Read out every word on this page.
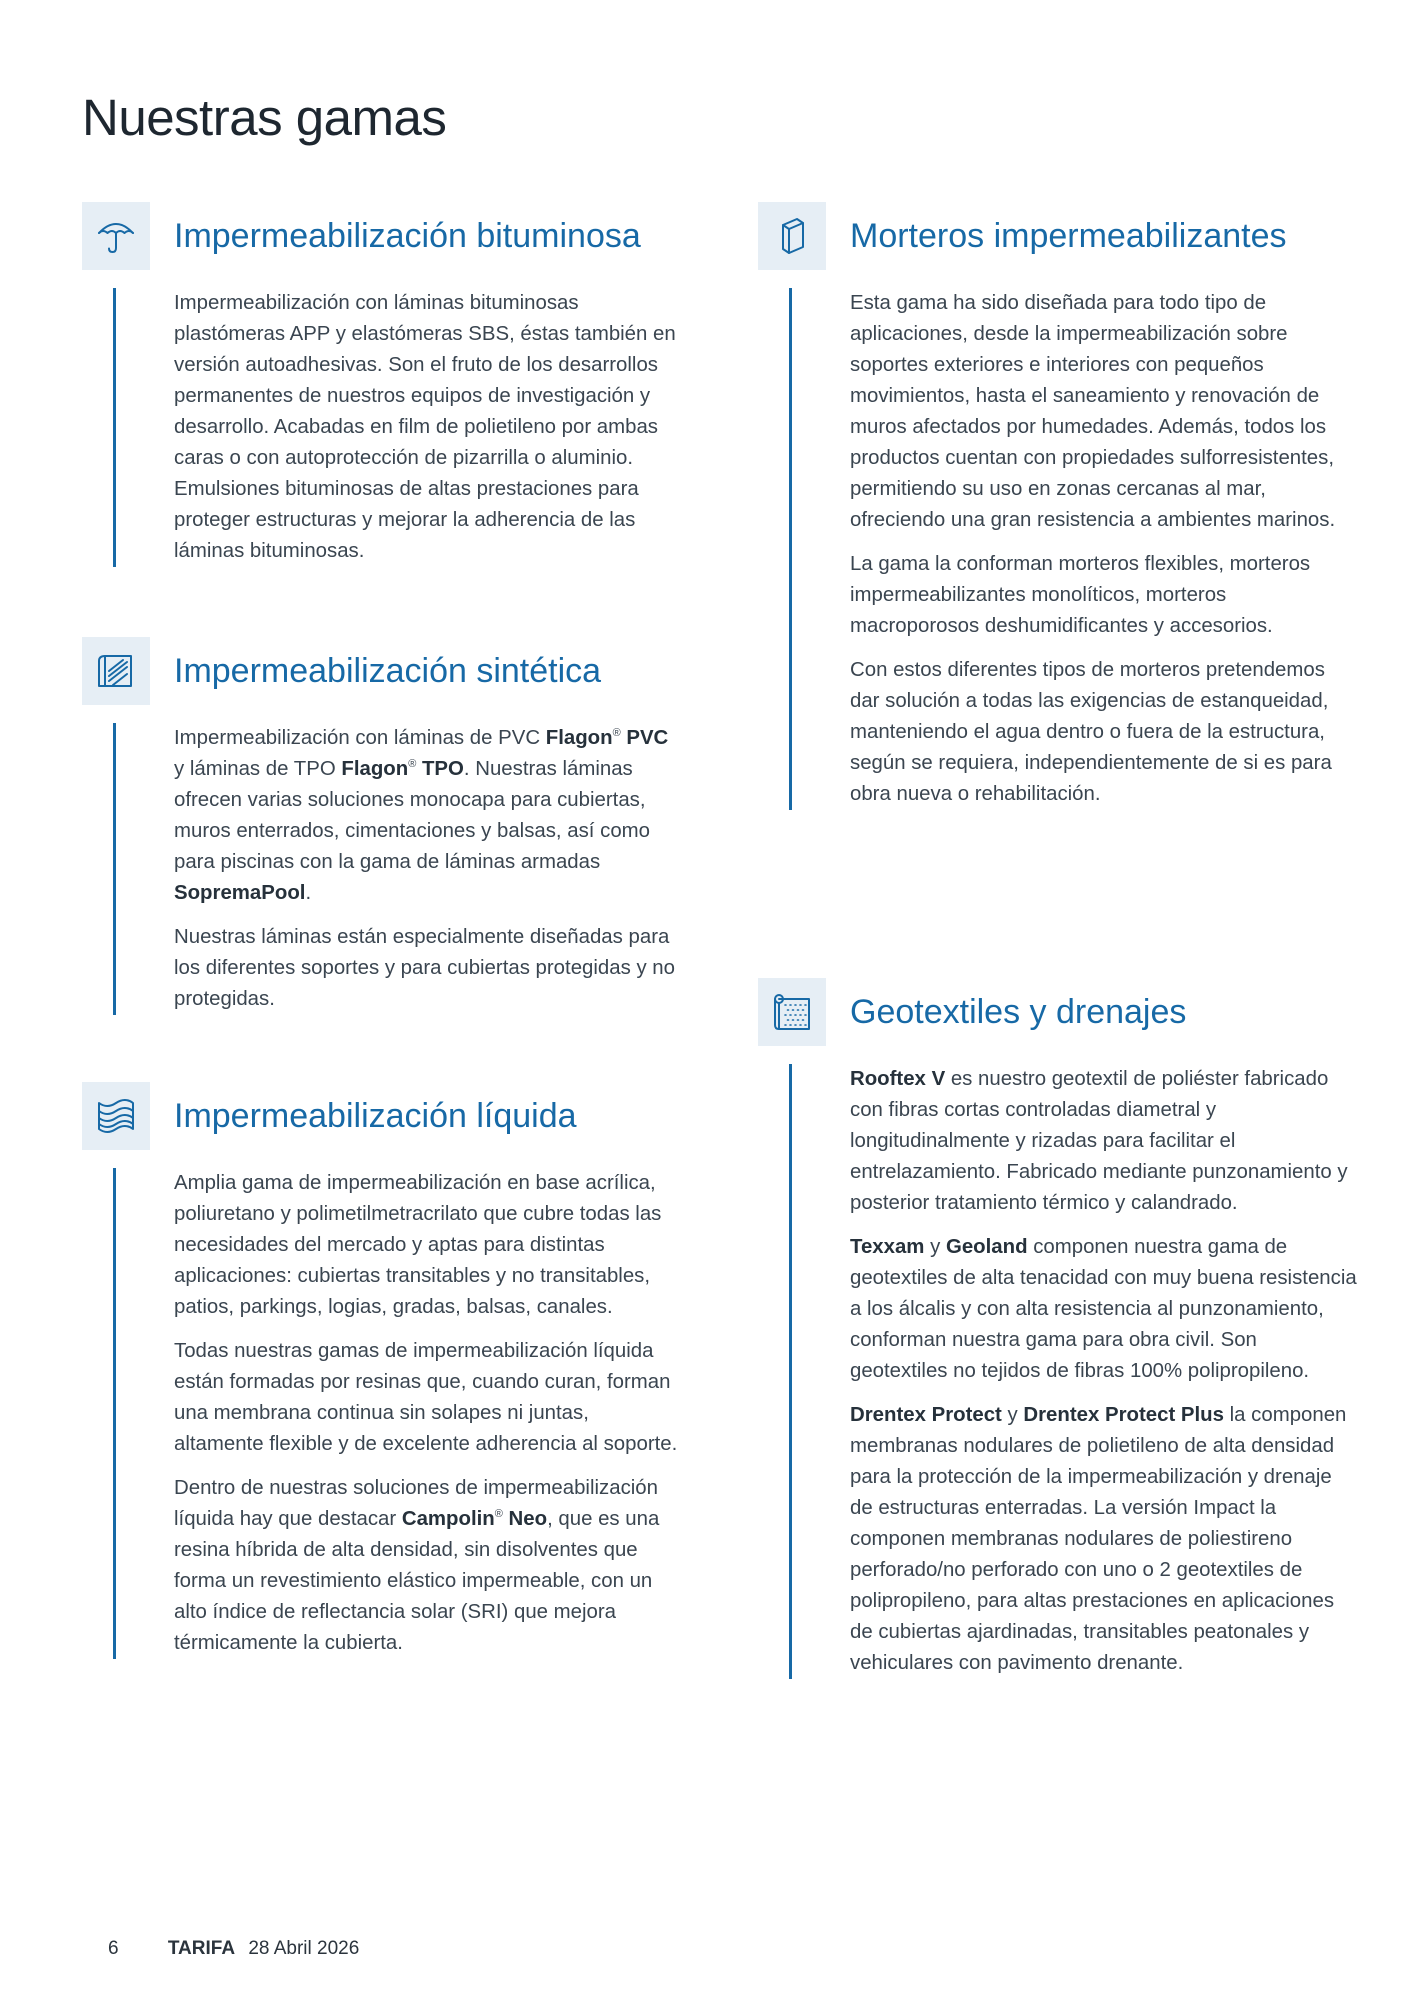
Nuestras gamas
Impermeabilización bituminosa

Impermeabilización con láminas bituminosas plastómeras APP y elastómeras SBS, éstas también en versión autoadhesivas. Son el fruto de los desarrollos permanentes de nuestros equipos de investigación y desarrollo. Acabadas en film de polietileno por ambas caras o con autoprotección de pizarrilla o aluminio. Emulsiones bituminosas de altas prestaciones para proteger estructuras y mejorar la adherencia de las láminas bituminosas.

Impermeabilización sintética

Impermeabilización con láminas de PVC Flagon® PVC y láminas de TPO Flagon® TPO. Nuestras láminas ofrecen varias soluciones monocapa para cubiertas, muros enterrados, cimentaciones y balsas, así como para piscinas con la gama de láminas armadas SopremaPool.

Nuestras láminas están especialmente diseñadas para los diferentes soportes y para cubiertas protegidas y no protegidas.

Impermeabilización líquida

Amplia gama de impermeabilización en base acrílica, poliuretano y polimetilmetracrilato que cubre todas las necesidades del mercado y aptas para distintas aplicaciones: cubiertas transitables y no transitables, patios, parkings, logias, gradas, balsas, canales.

Todas nuestras gamas de impermeabilización líquida están formadas por resinas que, cuando curan, forman una membrana continua sin solapes ni juntas, altamente flexible y de excelente adherencia al soporte.

Dentro de nuestras soluciones de impermeabilización líquida hay que destacar Campolin® Neo, que es una resina híbrida de alta densidad, sin disolventes que forma un revestimiento elástico impermeable, con un alto índice de reflectancia solar (SRI) que mejora térmicamente la cubierta.

Morteros impermeabilizantes

Esta gama ha sido diseñada para todo tipo de aplicaciones, desde la impermeabilización sobre soportes exteriores e interiores con pequeños movimientos, hasta el saneamiento y renovación de muros afectados por humedades. Además, todos los productos cuentan con propiedades sulforresistentes, permitiendo su uso en zonas cercanas al mar, ofreciendo una gran resistencia a ambientes marinos.

La gama la conforman morteros flexibles, morteros impermeabilizantes monolíticos, morteros macroporosos deshumidificantes y accesorios.

Con estos diferentes tipos de morteros pretendemos dar solución a todas las exigencias de estanqueidad, manteniendo el agua dentro o fuera de la estructura, según se requiera, independientemente de si es para obra nueva o rehabilitación.

Geotextiles y drenajes

Rooftex V es nuestro geotextil de poliéster fabricado con fibras cortas controladas diametral y longitudinalmente y rizadas para facilitar el entrelazamiento. Fabricado mediante punzonamiento y posterior tratamiento térmico y calandrado.

Texxam y Geoland componen nuestra gama de geotextiles de alta tenacidad con muy buena resistencia a los álcalis y con alta resistencia al punzonamiento, conforman nuestra gama para obra civil. Son geotextiles no tejidos de fibras 100% polipropileno.

Drentex Protect y Drentex Protect Plus la componen membranas nodulares de polietileno de alta densidad para la protección de la impermeabilización y drenaje de estructuras enterradas. La versión Impact la componen membranas nodulares de poliestireno perforado/no perforado con uno o 2 geotextiles de polipropileno, para altas prestaciones en aplicaciones de cubiertas ajardinadas, transitables peatonales y vehiculares con pavimento drenante.

6	TARIFA 28 Abril 2026
